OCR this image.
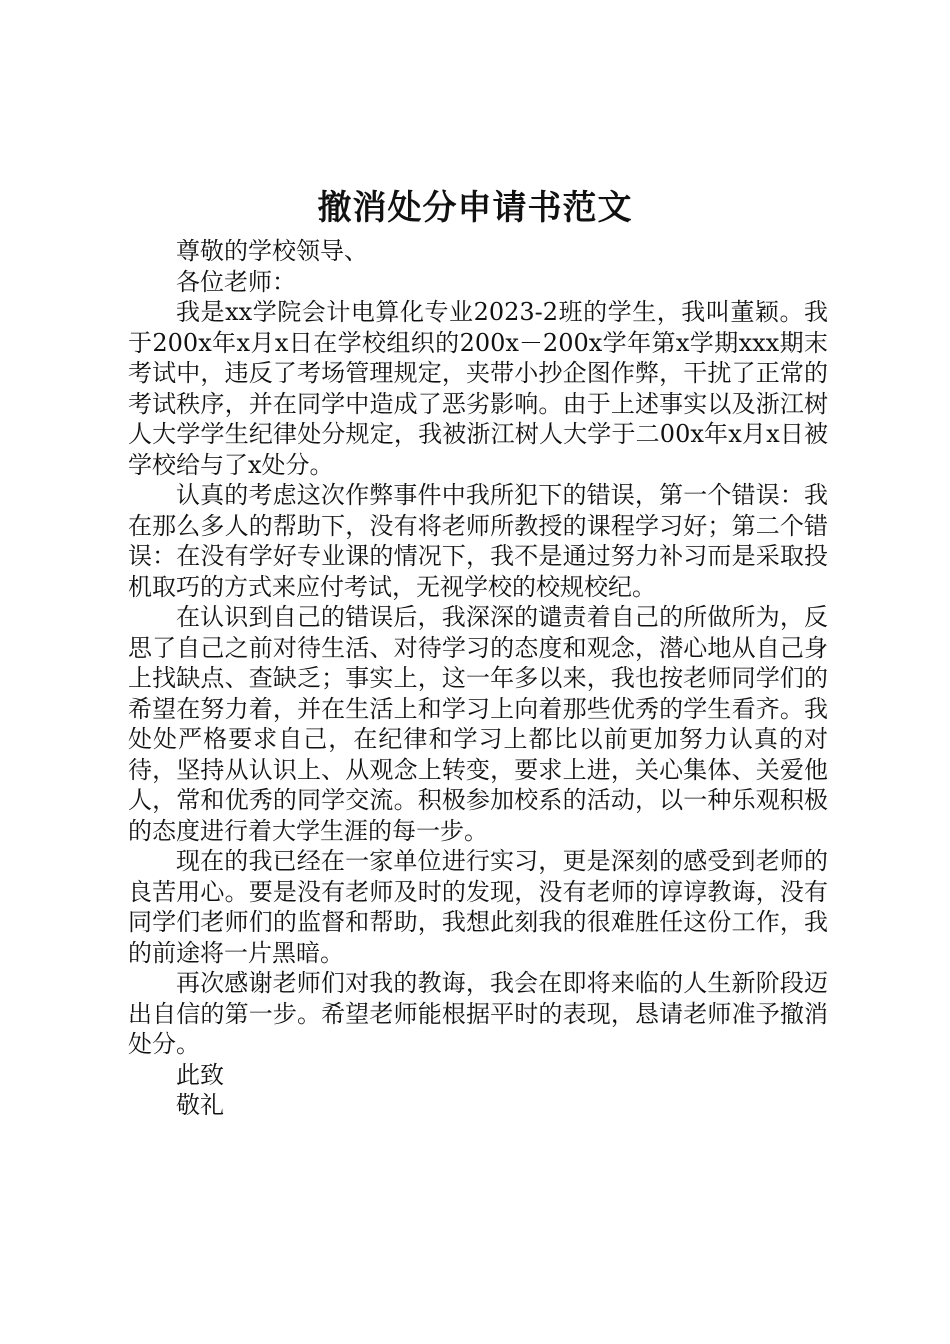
撤消处分申请书范文

尊敬的学校领导、

各位老师：

我是xx学院会计电算化专业2023-2班的学生，我叫董颖。我于200x年x月x日在学校组织的200x－200x学年第x学期xxx期末考试中，违反了考场管理规定，夹带小抄企图作弊，干扰了正常的考试秩序，并在同学中造成了恶劣影响。由于上述事实以及浙江树人大学学生纪律处分规定，我被浙江树人大学于二00x年x月x日被学校给与了x处分。

认真的考虑这次作弊事件中我所犯下的错误，第一个错误：我在那么多人的帮助下，没有将老师所教授的课程学习好；第二个错误：在没有学好专业课的情况下，我不是通过努力补习而是采取投机取巧的方式来应付考试，无视学校的校规校纪。

在认识到自己的错误后，我深深的谴责着自己的所做所为，反思了自己之前对待生活、对待学习的态度和观念，潜心地从自己身上找缺点、查缺乏；事实上，这一年多以来，我也按老师同学们的希望在努力着，并在生活上和学习上向着那些优秀的学生看齐。我处处严格要求自己，在纪律和学习上都比以前更加努力认真的对待，坚持从认识上、从观念上转变，要求上进，关心集体、关爱他人，常和优秀的同学交流。积极参加校系的活动，以一种乐观积极的态度进行着大学生涯的每一步。

现在的我已经在一家单位进行实习，更是深刻的感受到老师的良苦用心。要是没有老师及时的发现，没有老师的谆谆教诲，没有同学们老师们的监督和帮助，我想此刻我的很难胜任这份工作，我的前途将一片黑暗。

再次感谢老师们对我的教诲，我会在即将来临的人生新阶段迈出自信的第一步。希望老师能根据平时的表现，恳请老师准予撤消处分。

此致

敬礼
